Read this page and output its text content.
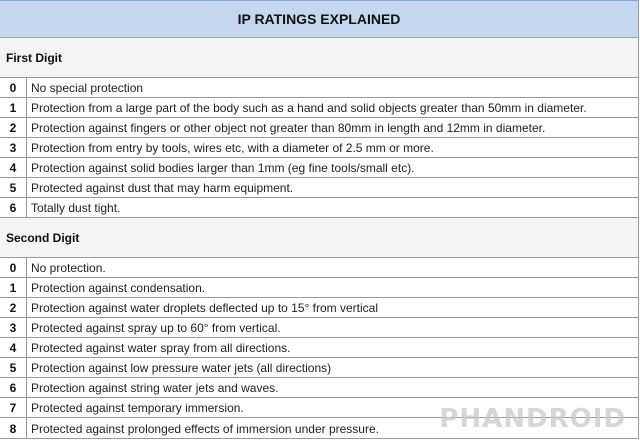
IP RATINGS EXPLAINED
First Digit
0	No special protection
1	Protection from a large part of the body such as a hand and solid objects greater than 50mm in diameter.
2	Protection against fingers or other object not greater than 80mm in length and 12mm in diameter.
3	Protection from entry by tools, wires etc, with a diameter of 2.5 mm or more.
4	Protection against solid bodies larger than 1mm (eg fine tools/small etc).
5	Protected against dust that may harm equipment.
6	Totally dust tight.
Second Digit
0	No protection.
1	Protection against condensation.
2	Protection against water droplets deflected up to 15° from vertical
3	Protected against spray up to 60° from vertical.
4	Protected against water spray from all directions.
5	Protection against low pressure water jets (all directions)
6	Protection against string water jets and waves.
7	Protected against temporary immersion.
8	Protected against prolonged effects of immersion under pressure.	PHANDROID
